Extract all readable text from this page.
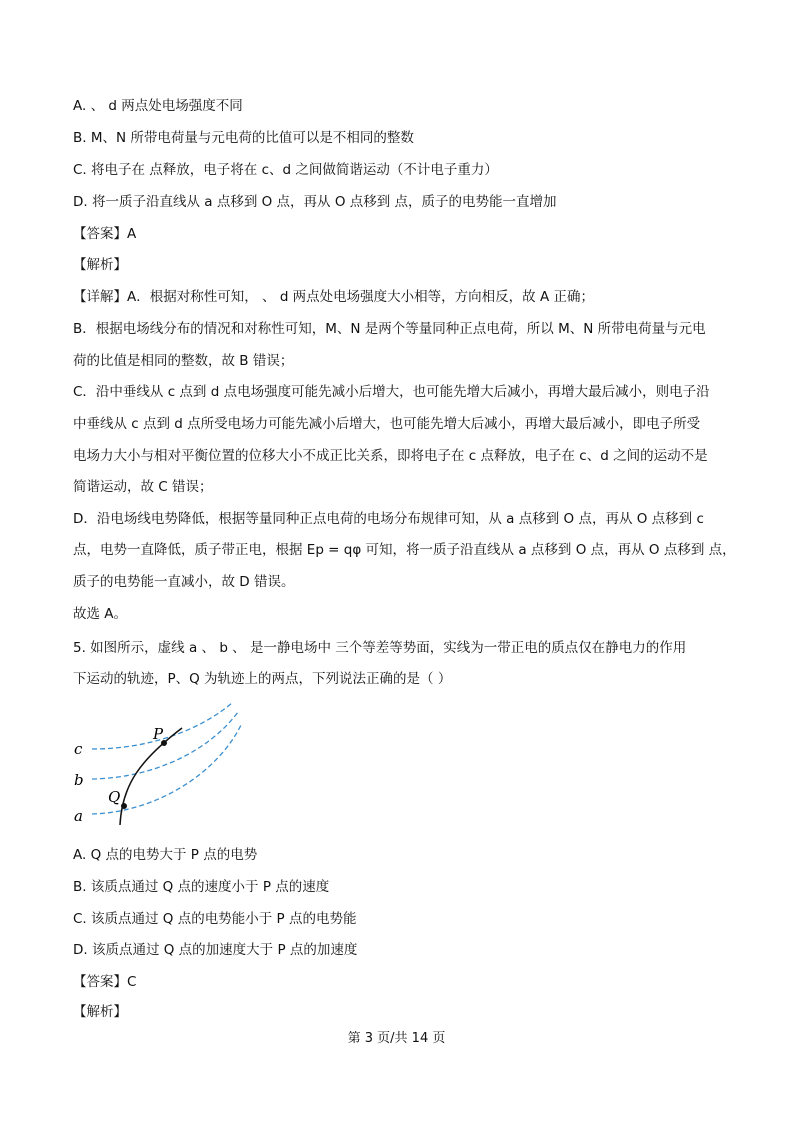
A. 、 d 两点处电场强度不同
B. M、N 所带电荷量与元电荷的比值可以是不相同的整数
C. 将电子在 点释放，电子将在 c、d 之间做简谐运动（不计电子重力）
D. 将一质子沿直线从 a 点移到 O 点，再从 O 点移到 点，质子的电势能一直增加
【答案】A
【解析】
【详解】A．根据对称性可知， 、 d 两点处电场强度大小相等，方向相反，故 A 正确；
B．根据电场线分布的情况和对称性可知，M、N 是两个等量同种正点电荷，所以 M、N 所带电荷量与元电
荷的比值是相同的整数，故 B 错误；
C．沿中垂线从 c 点到 d 点电场强度可能先减小后增大，也可能先增大后减小，再增大最后减小，则电子沿
中垂线从 c 点到 d 点所受电场力可能先减小后增大，也可能先增大后减小，再增大最后减小，即电子所受
电场力大小与相对平衡位置的位移大小不成正比关系，即将电子在 c 点释放，电子在 c、d 之间的运动不是
简谐运动，故 C 错误；
D．沿电场线电势降低，根据等量同种正点电荷的电场分布规律可知，从 a 点移到 O 点，再从 O 点移到 c
点，电势一直降低，质子带正电，根据 Ep = qφ 可知，将一质子沿直线从 a 点移到 O 点，再从 O 点移到 点，
质子的电势能一直减小，故 D 错误。
故选 A。
5. 如图所示，虚线 a 、 b 、 是一静电场中 三个等差等势面，实线为一带正电的质点仅在静电力的作用
下运动的轨迹，P、Q 为轨迹上的两点，下列说法正确的是（ ）
c
b
a
P
Q
A. Q 点的电势大于 P 点的电势
B. 该质点通过 Q 点的速度小于 P 点的速度
C. 该质点通过 Q 点的电势能小于 P 点的电势能
D. 该质点通过 Q 点的加速度大于 P 点的加速度
【答案】C
【解析】
第 3 页/共 14 页
